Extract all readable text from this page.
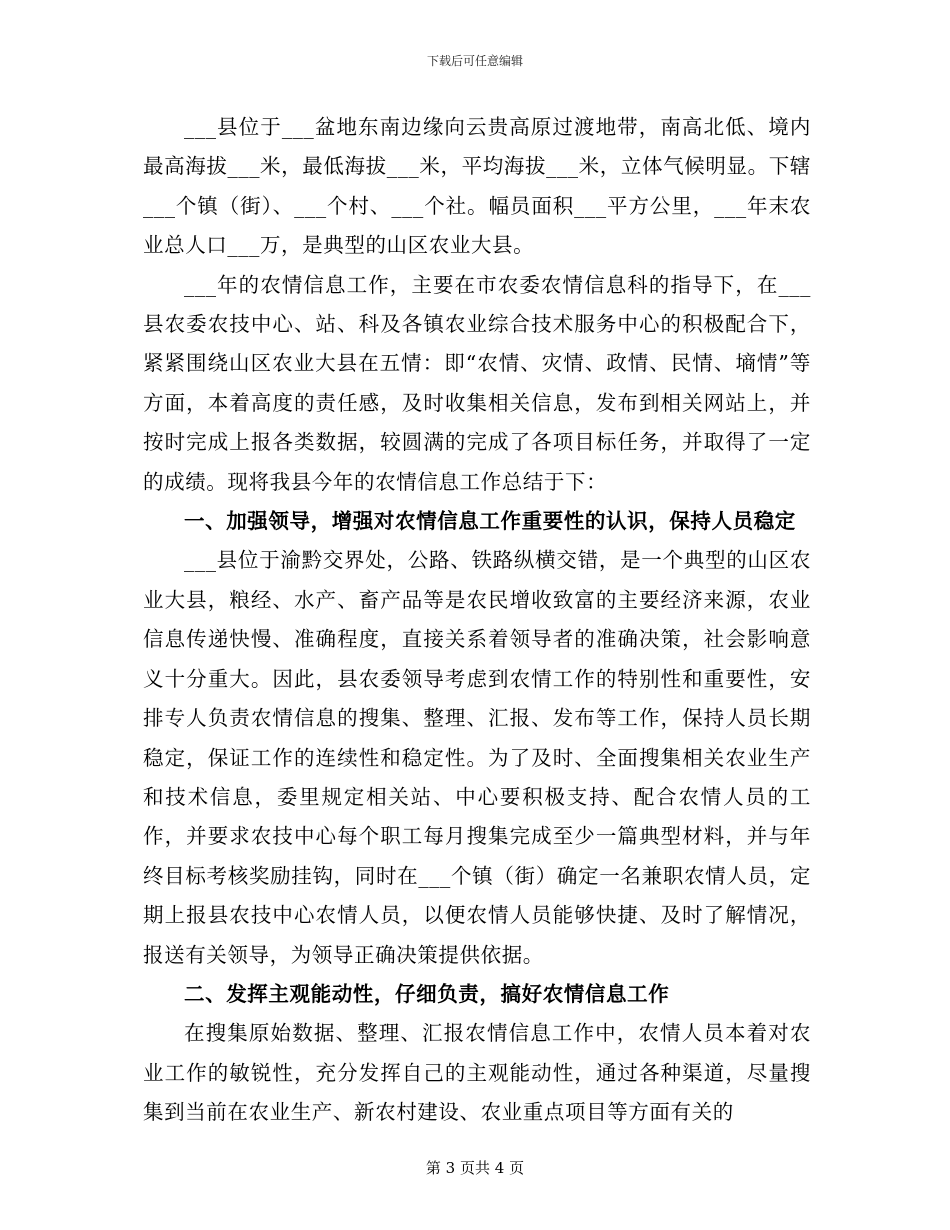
下载后可任意编辑

___县位于___盆地东南边缘向云贵高原过渡地带，南高北低、境内最高海拔___米，最低海拔___米，平均海拔___米，立体气候明显。下辖___个镇（街）、___个村、___个社。幅员面积___平方公里，___年末农业总人口___万，是典型的山区农业大县。

___年的农情信息工作，主要在市农委农情信息科的指导下，在___县农委农技中心、站、科及各镇农业综合技术服务中心的积极配合下，紧紧围绕山区农业大县在五情：即“农情、灾情、政情、民情、墒情”等方面，本着高度的责任感，及时收集相关信息，发布到相关网站上，并按时完成上报各类数据，较圆满的完成了各项目标任务，并取得了一定的成绩。现将我县今年的农情信息工作总结于下：

一、加强领导，增强对农情信息工作重要性的认识，保持人员稳定

___县位于渝黔交界处，公路、铁路纵横交错，是一个典型的山区农业大县，粮经、水产、畜产品等是农民增收致富的主要经济来源，农业信息传递快慢、准确程度，直接关系着领导者的准确决策，社会影响意义十分重大。因此，县农委领导考虑到农情工作的特别性和重要性，安排专人负责农情信息的搜集、整理、汇报、发布等工作，保持人员长期稳定，保证工作的连续性和稳定性。为了及时、全面搜集相关农业生产和技术信息，委里规定相关站、中心要积极支持、配合农情人员的工作，并要求农技中心每个职工每月搜集完成至少一篇典型材料，并与年终目标考核奖励挂钩，同时在___个镇（街）确定一名兼职农情人员，定期上报县农技中心农情人员，以便农情人员能够快捷、及时了解情况，报送有关领导，为领导正确决策提供依据。

二、发挥主观能动性，仔细负责，搞好农情信息工作

在搜集原始数据、整理、汇报农情信息工作中，农情人员本着对农业工作的敏锐性，充分发挥自己的主观能动性，通过各种渠道，尽量搜集到当前在农业生产、新农村建设、农业重点项目等方面有关的

第 3 页共 4 页
